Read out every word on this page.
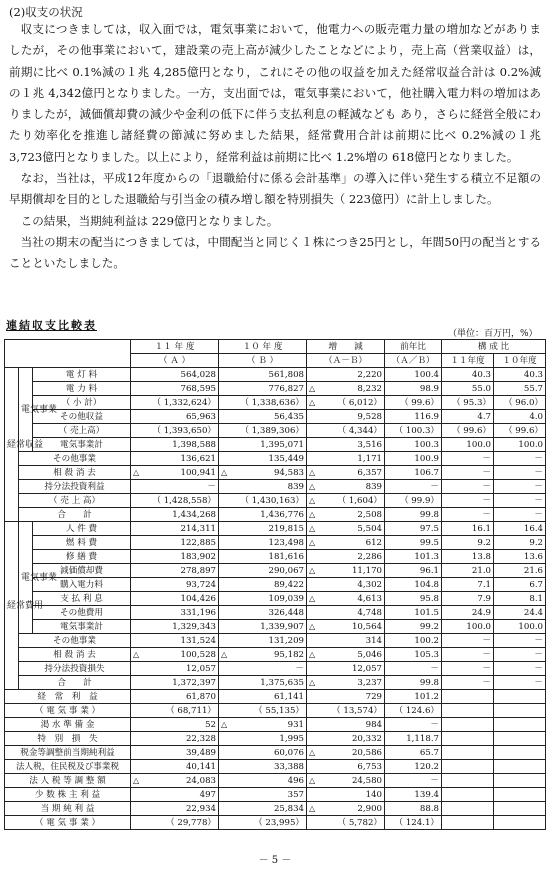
(2)収支の状況

収支につきましては，収入面では，電気事業において，他電力への販売電力量の増加などがありましたが，その他事業において，建設業の売上高が減少したことなどにより，売上高（営業収益）は，前期に比べ 0.1%減の１兆 4,285億円となり，これにその他の収益を加えた経常収益合計は 0.2%減の１兆 4,342億円となりました。一方，支出面では，電気事業において，他社購入電力料の増加はありましたが，減価償却費の減少や金利の低下に伴う支払利息の軽減なども あり，さらに経営全般にわたり効率化を推進し諸経費の節減に努めました結果，経常費用合計は前期に比べ 0.2%減の１兆 3,723億円となりました。以上により，経常利益は前期に比べ 1.2%増の 618億円となりました。

なお，当社は，平成12年度からの「退職給付に係る会計基準」の導入に伴い発生する積立不足額の早期償却を目的とした退職給与引当金の積み増し額を特別損失（ 223億円）に計上しました。

この結果，当期純利益は 229億円となりました。

当社の期末の配当につきましては，中間配当と同じく１株につき25円とし，年間50円の配当とすることといたしました。

連結収支比較表
（単位：百万円，%）
			１１ 年 度	１０ 年 度	増　　減	前年比	構 成 比	
			（ Ａ ）	（ Ｂ ）	（Ａ－Ｂ）	（Ａ／Ｂ）	１１年度	１０年度
経常収益	電気事業	電 灯 料	564,028	561,808	2,220	100.4	40.3	40.3
		電 力 料	768,595	776,827	△ 8,232	98.9	55.0	55.7
		（ 小 計）	（ 1,332,624）	（ 1,338,636）	△ （ 6,012）	（ 99.6）	（ 95.3）	（ 96.0）
		その他収益	65,963	56,435	9,528	116.9	4.7	4.0
		（ 売上高）	（ 1,393,650）	（ 1,389,306）	（ 4,344）	（ 100.3）	（ 99.6）	（ 99.6）
		電気事業計	1,398,588	1,395,071	3,516	100.3	100.0	100.0
	その他事業		136,621	135,449	1,171	100.9	－	－
	相 殺 消 去		△ 100,941	△ 94,583	△ 6,357	106.7	－	－
	持分法投資利益		－	839	△ 839	－	－	－
	（ 売 上 高）		（ 1,428,558）	（ 1,430,163）	△ （ 1,604）	（ 99.9）	－	－
	合　　計		1,434,268	1,436,776	△ 2,508	99.8	－	－
経常費用	電気事業	人 件 費	214,311	219,815	△ 5,504	97.5	16.1	16.4
		燃 料 費	122,885	123,498	△ 612	99.5	9.2	9.2
		修 繕 費	183,902	181,616	2,286	101.3	13.8	13.6
		減価償却費	278,897	290,067	△ 11,170	96.1	21.0	21.6
		購入電力料	93,724	89,422	4,302	104.8	7.1	6.7
		支 払 利 息	104,426	109,039	△ 4,613	95.8	7.9	8.1
		その他費用	331,196	326,448	4,748	101.5	24.9	24.4
		電気事業計	1,329,343	1,339,907	△ 10,564	99.2	100.0	100.0
	その他事業		131,524	131,209	314	100.2	－	－
	相 殺 消 去		△ 100,528	△ 95,182	△ 5,046	105.3	－	－
	持分法投資損失		12,057	－	12,057	－	－	－
	合　　計		1,372,397	1,375,635	△ 3,237	99.8	－	－
経　常　利　益			61,870	61,141	729	101.2		
（ 電 気 事 業 ）			（ 68,711）	（ 55,135）	（ 13,574）	（ 124.6）		
渇 水 準 備 金			52	△ 931	984	－		
特　別　損　失			22,328	1,995	20,332	1,118.7		
税金等調整前当期純利益			39,489	60,076	△ 20,586	65.7		
法人税，住民税及び事業税			40,141	33,388	6,753	120.2		
法 人 税 等 調 整 額			△ 24,083	496	△ 24,580	－		
少 数 株 主 利 益			497	357	140	139.4		
当 期 純 利 益			22,934	25,834	△ 2,900	88.8		
（ 電 気 事 業 ）			（ 29,778）	（ 23,995）	（ 5,782）	（ 124.1）		
－ 5 －
